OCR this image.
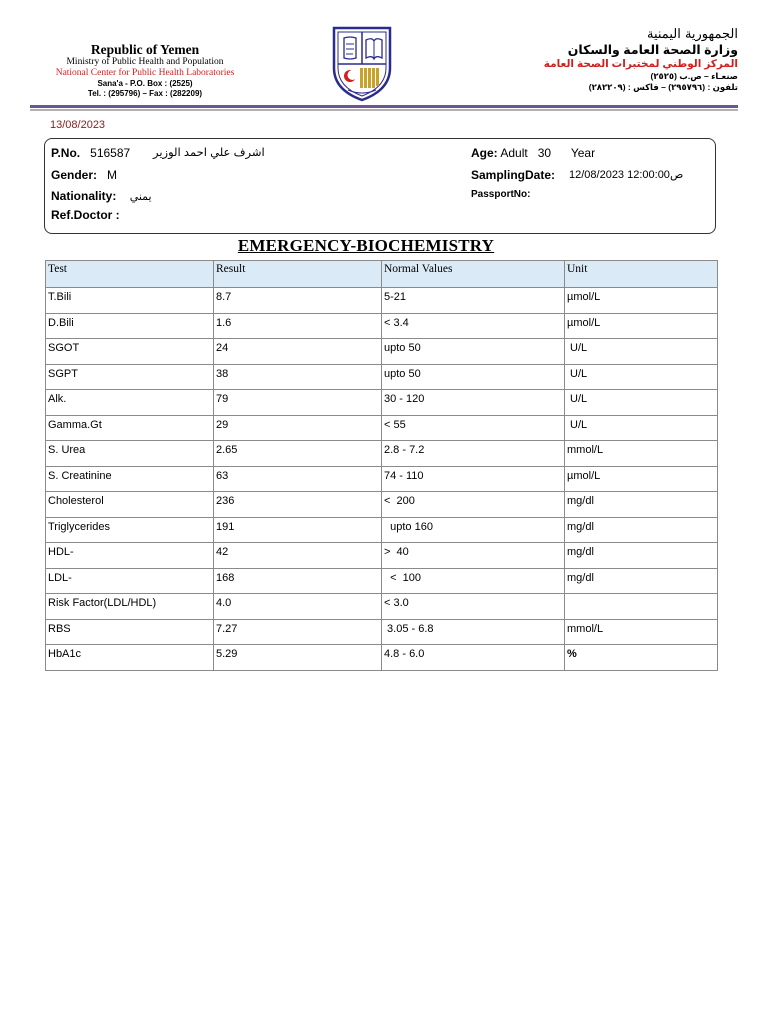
Republic of Yemen
Ministry of Public Health and Population
National Center for Public Health Laboratories
Sana'a - P.O. Box : (2525)
Tel. : (295796) – Fax : (282209)
الجمهورية اليمنية
وزارة الصحة العامة والسكان
المركز الوطني لمختبرات الصحة العامة
صنعـاء – ص.ب (٢٥٢٥)
تلفون : (٢٩٥٧٩٦) – فاكس : (٢٨٢٢٠٩)
13/08/2023
P.No. 516587 اشرف علي احمد الوزير
Gender: M
Nationality: يمني
Ref.Doctor :
Age: Adult   30      Year
SamplingDate: 12/08/2023 12:00:00ص
PassportNo:
EMERGENCY-BIOCHEMISTRY
Test	Result	Normal Values	Unit
T.Bili	8.7	5-21	µmol/L
D.Bili	1.6	< 3.4	µmol/L
SGOT	24	upto 50	U/L
SGPT	38	upto 50	U/L
Alk.	79	30 - 120	U/L
Gamma.Gt	29	< 55	U/L
S. Urea	2.65	2.8 - 7.2	mmol/L
S. Creatinine	63	74 - 110	µmol/L
Cholesterol	236	<  200	mg/dl
Triglycerides	191	upto 160	mg/dl
HDL-	42	>  40	mg/dl
LDL-	168	<  100	mg/dl
Risk Factor(LDL/HDL)	4.0	< 3.0	
RBS	7.27	3.05 - 6.8	mmol/L
HbA1c	5.29	4.8 - 6.0	%
